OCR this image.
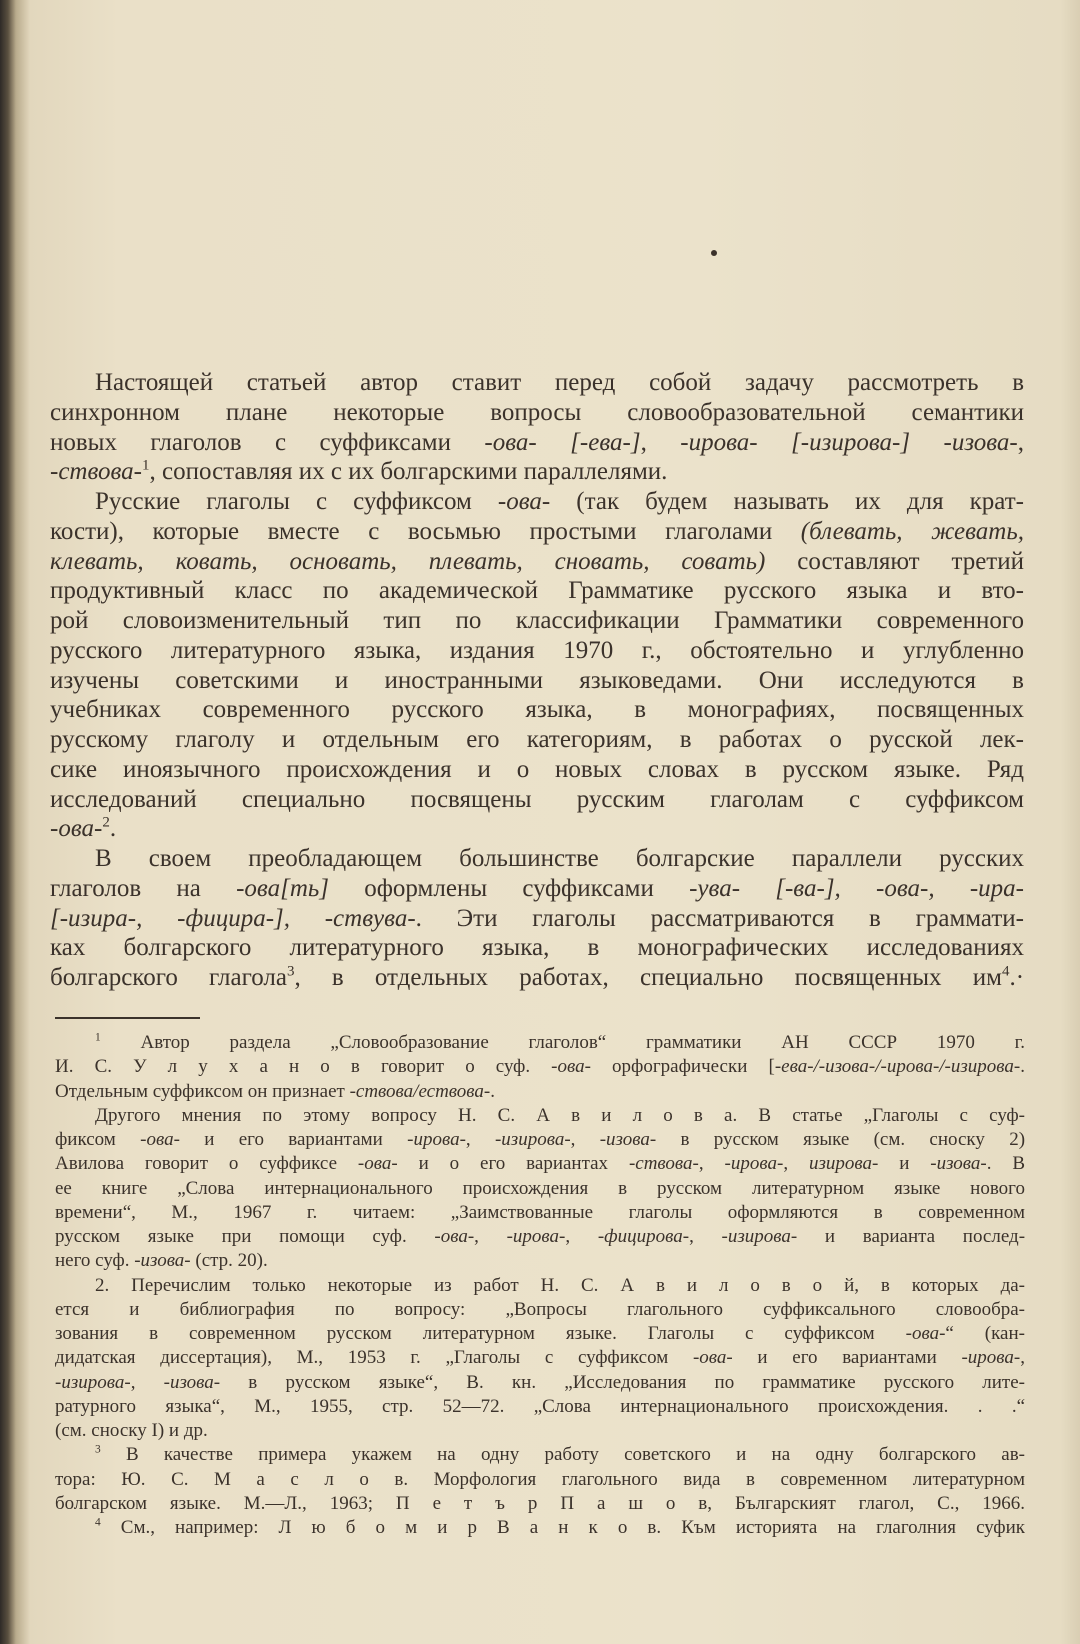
Настоящей статьей автор ставит перед собой задачу рассмотреть в
синхронном плане некоторые вопросы словообразовательной семантики
новых глаголов с суффиксами -ова- [-ева-], -ирова- [-изирова-] -изова-,
-ствова-$^1$, сопоставляя их с их болгарскими параллелями.
Русские глаголы с суффиксом -ова- (так будем называть их для крат-
кости), которые вместе с восьмью простыми глаголами (блевать, жевать,
клевать, ковать, основать, плевать, сновать, совать) составляют третий
продуктивный класс по академической Грамматике русского языка и вто-
рой словоизменительный тип по классификации Грамматики современного
русского литературного языка, издания 1970 г., обстоятельно и углубленно
изучены советскими и иностранными языковедами. Они исследуются в
учебниках современного русского языка, в монографиях, посвященных
русскому глаголу и отдельным его категориям, в работах о русской лек-
сике иноязычного происхождения и о новых словах в русском языке. Ряд
исследований специально посвящены русским глаголам с суффиксом
-ова-$^2$.
В своем преобладающем большинстве болгарские параллели русских
глаголов на -ова[ть] оформлены суффиксами -ува- [-ва-], -ова-, -ира-
[-изира-, -фицира-], -ствува-. Эти глаголы рассматриваются в граммати-
ках болгарского литературного языка, в монографических исследованиях
болгарского глагола$^3$, в отдельных работах, специально посвященных $им^4.\cdot$
$^1$ Автор раздела „Словообразование глаголов“ грамматики АН СССР 1970 г.
И. С. У л у х а н о в говорит о суф. -ова- орфографически [-ева-/-изова-/-ирова-/-изирова-.
Отдельным суффиксом он признает -ствова/ествова-.
Другого мнения по этому вопросу Н. С. А в и л о в а. В статье „Глаголы с суф-
фиксом -ова- и его вариантами -ирова-, -изирова-, -изова- в русском языке (см. сноску 2)
Авилова говорит о суффиксе -ова- и о его вариантах -ствова-, -ирова-, изирова- и -изова-. В
ее книге „Слова интернационального происхождения в русском литературном языке нового
времени“, М., 1967 г. читаем: „Заимствованные глаголы оформляются в современном
русском языке при помощи суф. -ова-, -ирова-, -фицирова-, -изирова- и варианта послед-
него суф. -изова- (стр. 20).
2. Перечислим только некоторые из работ Н. С. А в и л о в о й, в которых да-
ется и библиография по вопросу: „Вопросы глагольного суффиксального словообра-
зования в современном русском литературном языке. Глаголы с суффиксом -ова-“ (кан-
дидатская диссертация), М., 1953 г. „Глаголы с суффиксом -ова- и его вариантами -ирова-,
-изирова-, -изова- в русском языке“, В. кн. „Исследования по грамматике русского лите-
ратурного языка“, М., 1955, стр. 52—72. „Слова интернационального происхождения. . .“
(см. сноску I) и др.
$^3$ В качестве примера укажем на одну работу советского и на одну болгарского ав-
тора: Ю. С. М а с л о в. Морфология глагольного вида в современном литературном
болгарском языке. М.—Л., 1963; П е т ъ р П а ш о в, Българският глагол, С., 1966.
$^4$ См., например: Л ю б о м и р В а н к о в. Към историята на глаголния суфик
